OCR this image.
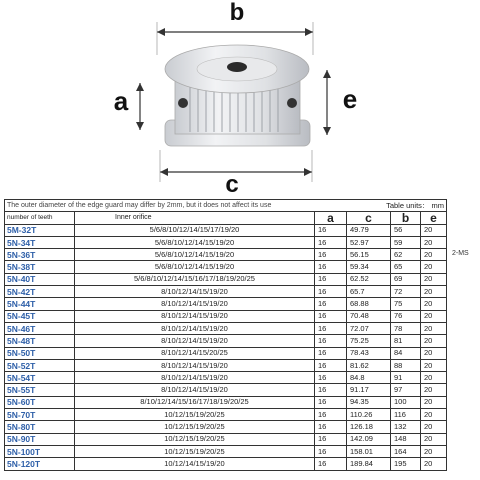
b
a	e
c
The outer diameter of the edge guard may differ by 2mm, but it does not affect its use Table units： mm					

number of teeth	Inner orifice	a	c	b	e
5M-32T	5/6/8/10/12/14/15/17/19/20	16	49.79	56	20
5N-34T	5/6/8/10/12/14/15/19/20	16	52.97	59	20
5N-36T	5/6/8/10/12/14/15/19/20	16	56.15	62	20
5N-38T	5/6/8/10/12/14/15/19/20	16	59.34	65	20
5N-40T	5/6/8/10/12/14/15/16/17/18/19/20/25	16	62.52	69	20
5N-42T	8/10/12/14/15/19/20	16	65.7	72	20
5N-44T	8/10/12/14/15/19/20	16	68.88	75	20
5N-45T	8/10/12/14/15/19/20	16	70.48	76	20
5N-46T	8/10/12/14/15/19/20	16	72.07	78	20
5N-48T	8/10/12/14/15/19/20	16	75.25	81	20
5N-50T	8/10/12/14/15/20/25	16	78.43	84	20
5N-52T	8/10/12/14/15/19/20	16	81.62	88	20
5N-54T	8/10/12/14/15/19/20	16	84.8	91	20
5N-55T	8/10/12/14/15/19/20	16	91.17	97	20
5N-60T	8/10/12/14/15/16/17/18/19/20/25	16	94.35	100	20
5N-70T	10/12/15/19/20/25	16	110.26	116	20
5N-80T	10/12/15/19/20/25	16	126.18	132	20
5N-90T	10/12/15/19/20/25	16	142.09	148	20
5N-100T	10/12/15/19/20/25	16	158.01	164	20
5N-120T	10/12/14/15/19/20	16	189.84	195	20
2-MS
